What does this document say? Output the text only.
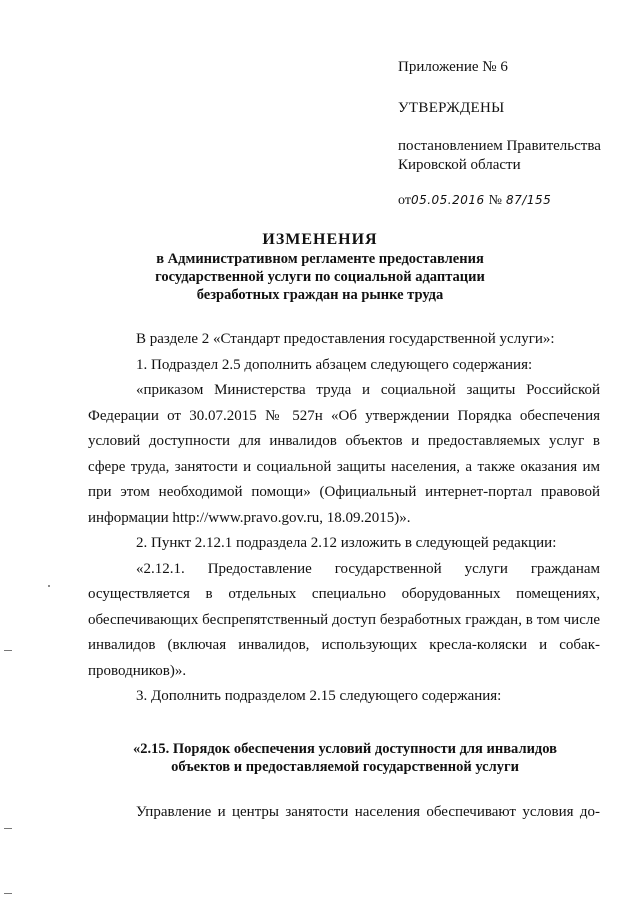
Приложение № 6

УТВЕРЖДЕНЫ

постановлением Правительства

Кировской области

от 05.05.2016 № 87/155
ИЗМЕНЕНИЯ
в Административном регламенте предоставления
государственной услуги по социальной адаптации
безработных граждан на рынке труда

В разделе 2 «Стандарт предоставления государственной услуги»:

1. Подраздел 2.5 дополнить абзацем следующего содержания:

«приказом Министерства труда и социальной защиты Российской Федерации от 30.07.2015 № 527н «Об утверждении Порядка обеспечения условий доступности для инвалидов объектов и предоставляемых услуг в сфере труда, занятости и социальной защиты населения, а также оказания им при этом необходимой помощи» (Официальный интернет-портал правовой информации http://www.pravo.gov.ru, 18.09.2015)».

2. Пункт 2.12.1 подраздела 2.12 изложить в следующей редакции:

«2.12.1. Предоставление государственной услуги гражданам осуществляется в отдельных специально оборудованных помещениях, обеспечивающих беспрепятственный доступ безработных граждан, в том числе инвалидов (включая инвалидов, использующих кресла-коляски и собак-проводников)».

3. Дополнить подразделом 2.15 следующего содержания:

«2.15. Порядок обеспечения условий доступности для инвалидов
объектов и предоставляемой государственной услуги

Управление и центры занятости населения обеспечивают условия до-
